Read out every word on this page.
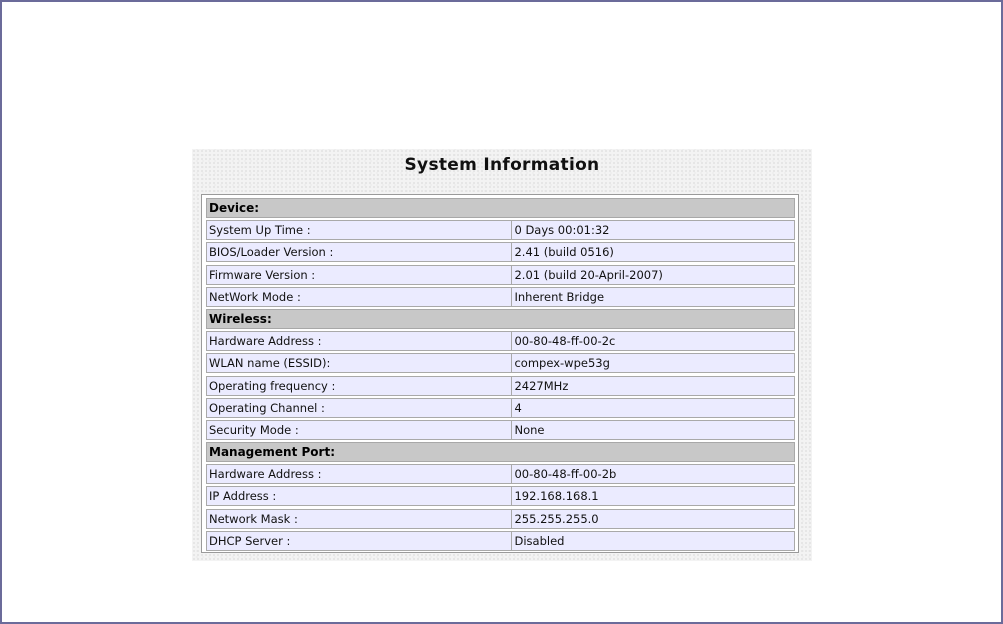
System Information
Device:
System Up Time :	0 Days 00:01:32
BIOS/Loader Version :	2.41 (build 0516)
Firmware Version :	2.01 (build 20-April-2007)
NetWork Mode :	Inherent Bridge
Wireless:
Hardware Address :	00-80-48-ff-00-2c
WLAN name (ESSID):	compex-wpe53g
Operating frequency :	2427MHz
Operating Channel :	4
Security Mode :	None
Management Port:
Hardware Address :	00-80-48-ff-00-2b
IP Address :	192.168.168.1
Network Mask :	255.255.255.0
DHCP Server :	Disabled
